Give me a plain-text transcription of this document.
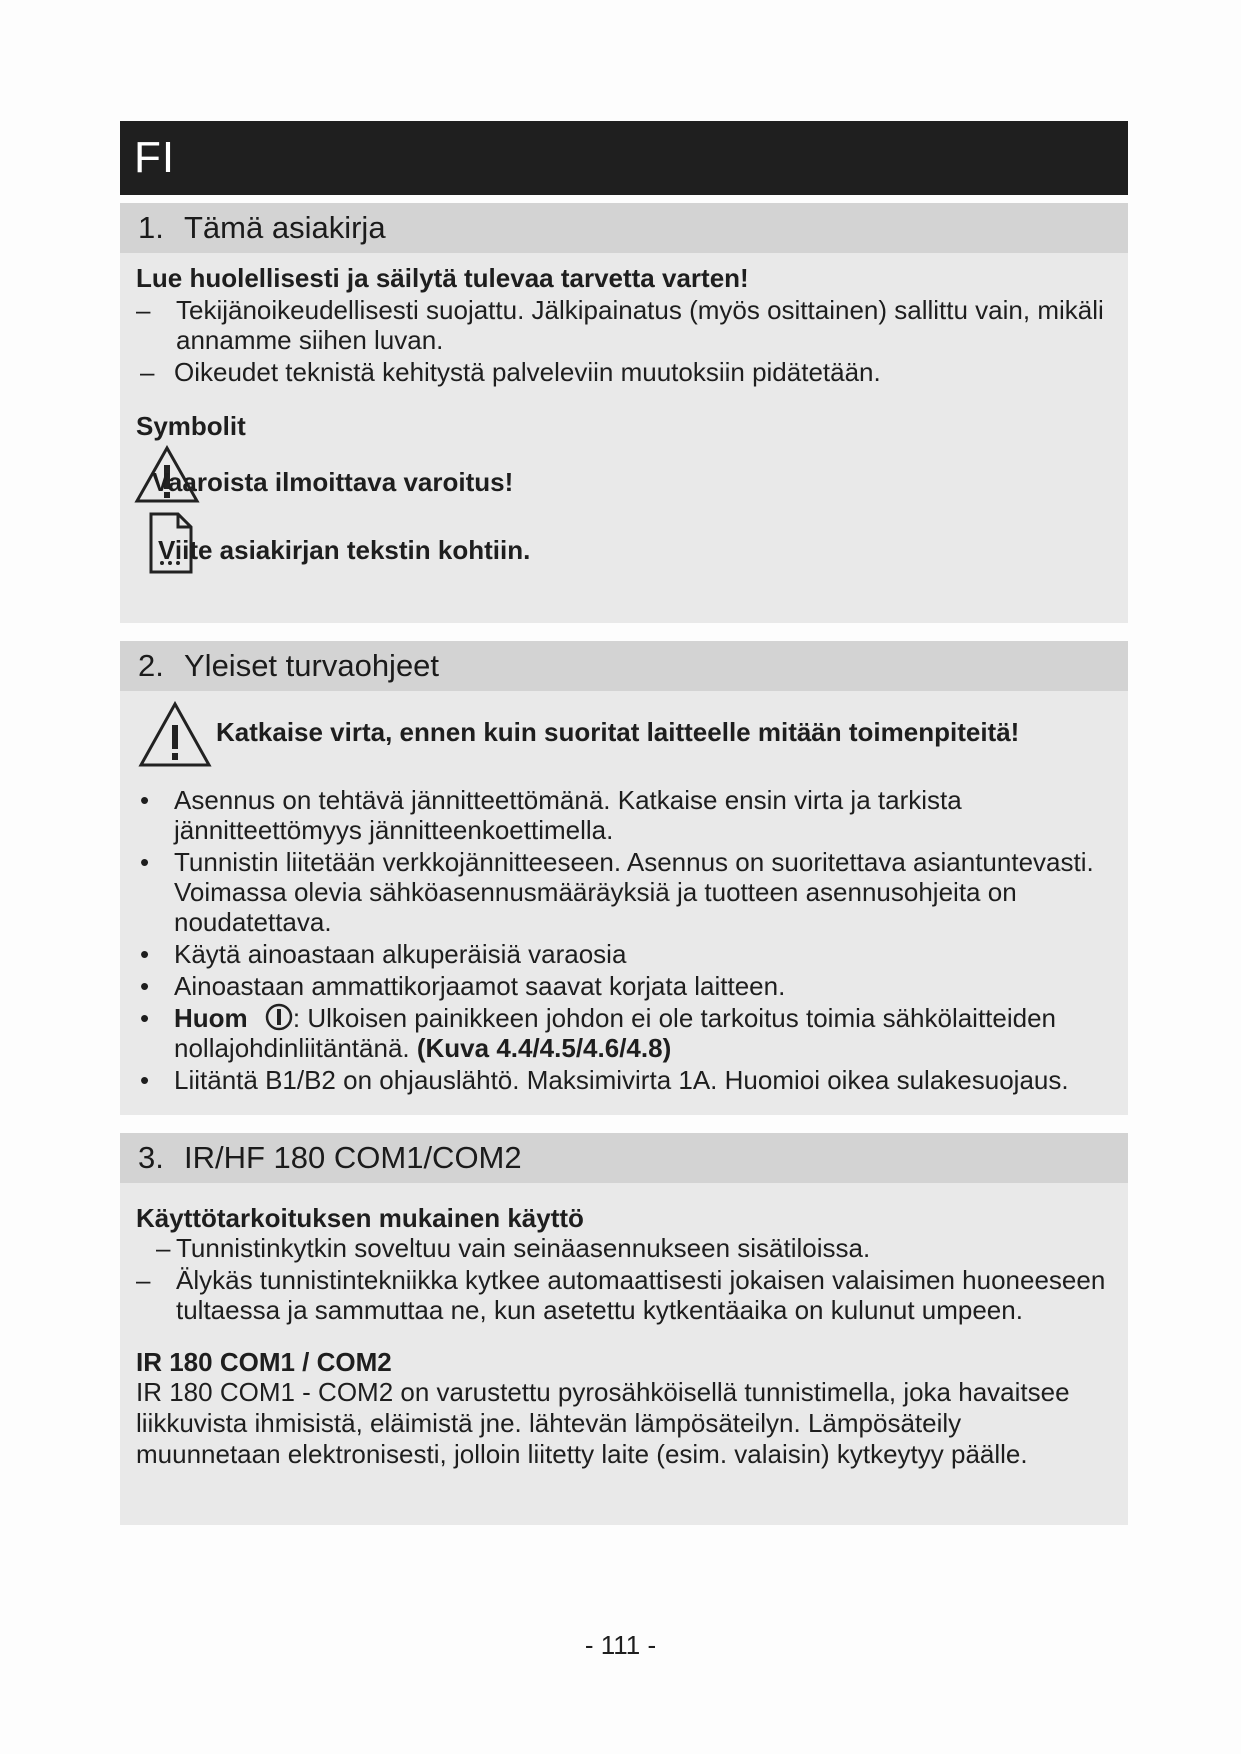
FI
1. Tämä asiakirja
Lue huolellisesti ja säilytä tulevaa tarvetta varten!
– Tekijänoikeudellisesti suojattu. Jälkipainatus (myös osittainen) sallittu vain, mikäli annamme siihen luvan.
– Oikeudet teknistä kehitystä palveleviin muutoksiin pidätetään.
Symbolit
Vaaroista ilmoittava varoitus!
Viite asiakirjan tekstin kohtiin.
2. Yleiset turvaohjeet
Katkaise virta, ennen kuin suoritat laitteelle mitään toimenpiteitä!
• Asennus on tehtävä jännitteettömänä. Katkaise ensin virta ja tarkista jännitteettömyys jännitteenkoettimella.
• Tunnistin liitetään verkkojännitteeseen. Asennus on suoritettava asiantuntevasti. Voimassa olevia sähköasennusmääräyksiä ja tuotteen asennusohjeita on noudatettava.
• Käytä ainoastaan alkuperäisiä varaosia
• Ainoastaan ammattikorjaamot saavat korjata laitteen.
• Huom : Ulkoisen painikkeen johdon ei ole tarkoitus toimia sähkölaitteiden nollajohdinliitäntänä. (Kuva 4.4/4.5/4.6/4.8)
• Liitäntä B1/B2 on ohjauslähtö. Maksimivirta 1A. Huomioi oikea sulakesuojaus.
3. IR/HF 180 COM1/COM2
Käyttötarkoituksen mukainen käyttö
– Tunnistinkytkin soveltuu vain seinäasennukseen sisätiloissa.
– Älykäs tunnistintekniikka kytkee automaattisesti jokaisen valaisimen huoneeseen tultaessa ja sammuttaa ne, kun asetettu kytkentäaika on kulunut umpeen.
IR 180 COM1 / COM2
IR 180 COM1 - COM2 on varustettu pyrosähköisellä tunnistimella, joka havaitsee liikkuvista ihmisistä, eläimistä jne. lähtevän lämpösäteilyn. Lämpösäteily muunnetaan elektronisesti, jolloin liitetty laite (esim. valaisin) kytkeytyy päälle.
- 111 -
